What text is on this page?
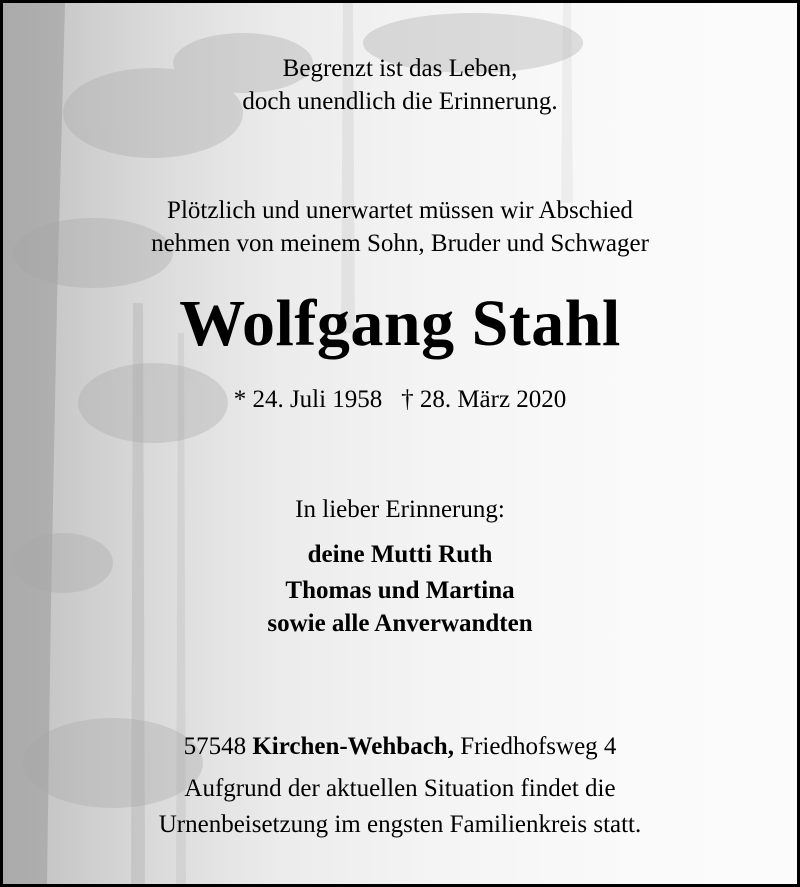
Begrenzt ist das Leben,
doch unendlich die Erinnerung.
Plötzlich und unerwartet müssen wir Abschied
nehmen von meinem Sohn, Bruder und Schwager
Wolfgang Stahl
* 24. Juli 1958 † 28. März 2020
In lieber Erinnerung:
deine Mutti Ruth
Thomas und Martina
sowie alle Anverwandten
57548 Kirchen-Wehbach, Friedhofsweg 4
Aufgrund der aktuellen Situation findet die
Urnenbeisetzung im engsten Familienkreis statt.
